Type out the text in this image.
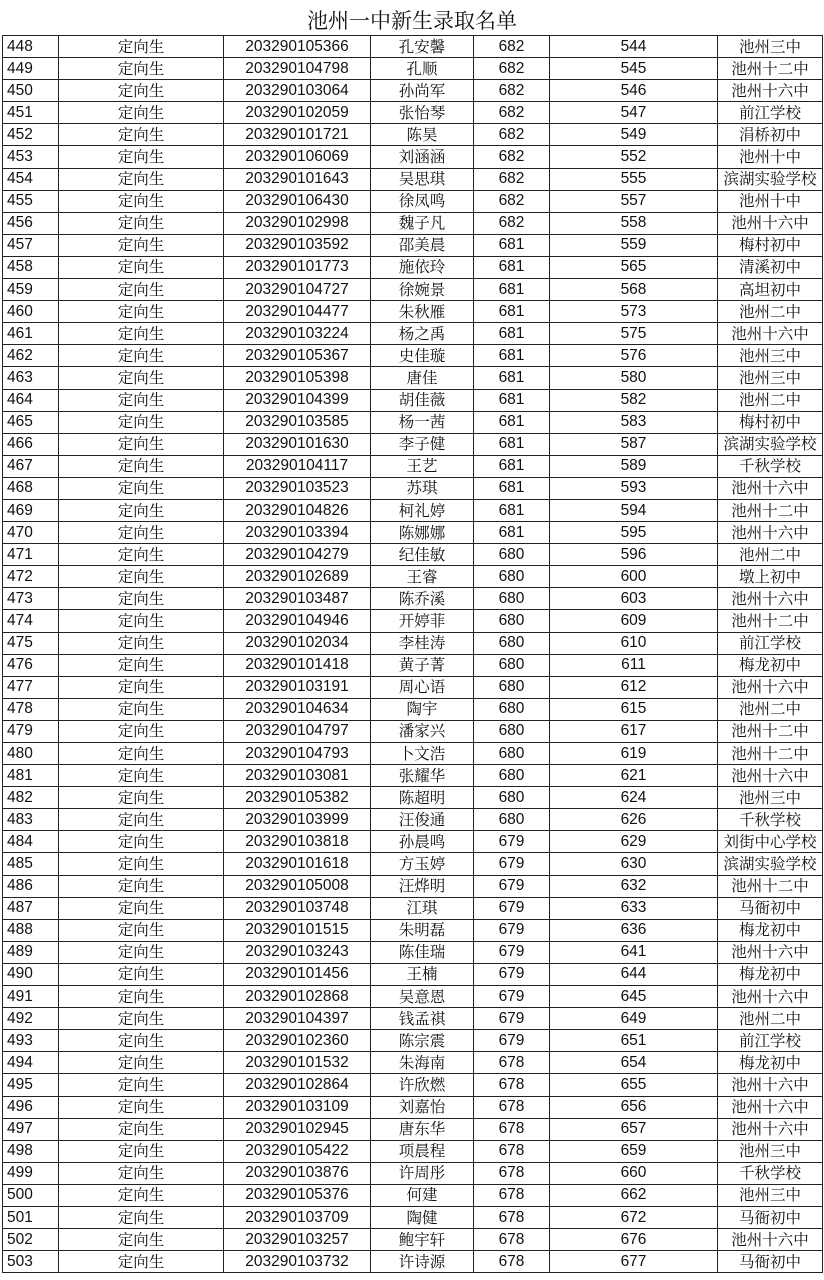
池州一中新生录取名单
448	定向生	203290105366	孔安馨	682	544	池州三中
449	定向生	203290104798	孔顺	682	545	池州十二中
450	定向生	203290103064	孙尚军	682	546	池州十六中
451	定向生	203290102059	张怡琴	682	547	前江学校
452	定向生	203290101721	陈昊	682	549	涓桥初中
453	定向生	203290106069	刘涵涵	682	552	池州十中
454	定向生	203290101643	吴思琪	682	555	滨湖实验学校
455	定向生	203290106430	徐凤鸣	682	557	池州十中
456	定向生	203290102998	魏子凡	682	558	池州十六中
457	定向生	203290103592	邵美晨	681	559	梅村初中
458	定向生	203290101773	施依玲	681	565	清溪初中
459	定向生	203290104727	徐婉景	681	568	高坦初中
460	定向生	203290104477	朱秋雁	681	573	池州二中
461	定向生	203290103224	杨之禹	681	575	池州十六中
462	定向生	203290105367	史佳璇	681	576	池州三中
463	定向生	203290105398	唐佳	681	580	池州三中
464	定向生	203290104399	胡佳薇	681	582	池州二中
465	定向生	203290103585	杨一茜	681	583	梅村初中
466	定向生	203290101630	李子健	681	587	滨湖实验学校
467	定向生	203290104117	王艺	681	589	千秋学校
468	定向生	203290103523	苏琪	681	593	池州十六中
469	定向生	203290104826	柯礼婷	681	594	池州十二中
470	定向生	203290103394	陈娜娜	681	595	池州十六中
471	定向生	203290104279	纪佳敏	680	596	池州二中
472	定向生	203290102689	王睿	680	600	墩上初中
473	定向生	203290103487	陈乔溪	680	603	池州十六中
474	定向生	203290104946	开婷菲	680	609	池州十二中
475	定向生	203290102034	李桂涛	680	610	前江学校
476	定向生	203290101418	黄子菁	680	611	梅龙初中
477	定向生	203290103191	周心语	680	612	池州十六中
478	定向生	203290104634	陶宇	680	615	池州二中
479	定向生	203290104797	潘家兴	680	617	池州十二中
480	定向生	203290104793	卜文浩	680	619	池州十二中
481	定向生	203290103081	张耀华	680	621	池州十六中
482	定向生	203290105382	陈超明	680	624	池州三中
483	定向生	203290103999	汪俊通	680	626	千秋学校
484	定向生	203290103818	孙晨鸣	679	629	刘街中心学校
485	定向生	203290101618	方玉婷	679	630	滨湖实验学校
486	定向生	203290105008	汪烨明	679	632	池州十二中
487	定向生	203290103748	江琪	679	633	马衙初中
488	定向生	203290101515	朱明磊	679	636	梅龙初中
489	定向生	203290103243	陈佳瑞	679	641	池州十六中
490	定向生	203290101456	王楠	679	644	梅龙初中
491	定向生	203290102868	吴意恩	679	645	池州十六中
492	定向生	203290104397	钱孟祺	679	649	池州二中
493	定向生	203290102360	陈宗震	679	651	前江学校
494	定向生	203290101532	朱海南	678	654	梅龙初中
495	定向生	203290102864	许欣燃	678	655	池州十六中
496	定向生	203290103109	刘嘉怡	678	656	池州十六中
497	定向生	203290102945	唐东华	678	657	池州十六中
498	定向生	203290105422	项晨程	678	659	池州三中
499	定向生	203290103876	许周彤	678	660	千秋学校
500	定向生	203290105376	何建	678	662	池州三中
501	定向生	203290103709	陶健	678	672	马衙初中
502	定向生	203290103257	鲍宇轩	678	676	池州十六中
503	定向生	203290103732	许诗源	678	677	马衙初中
